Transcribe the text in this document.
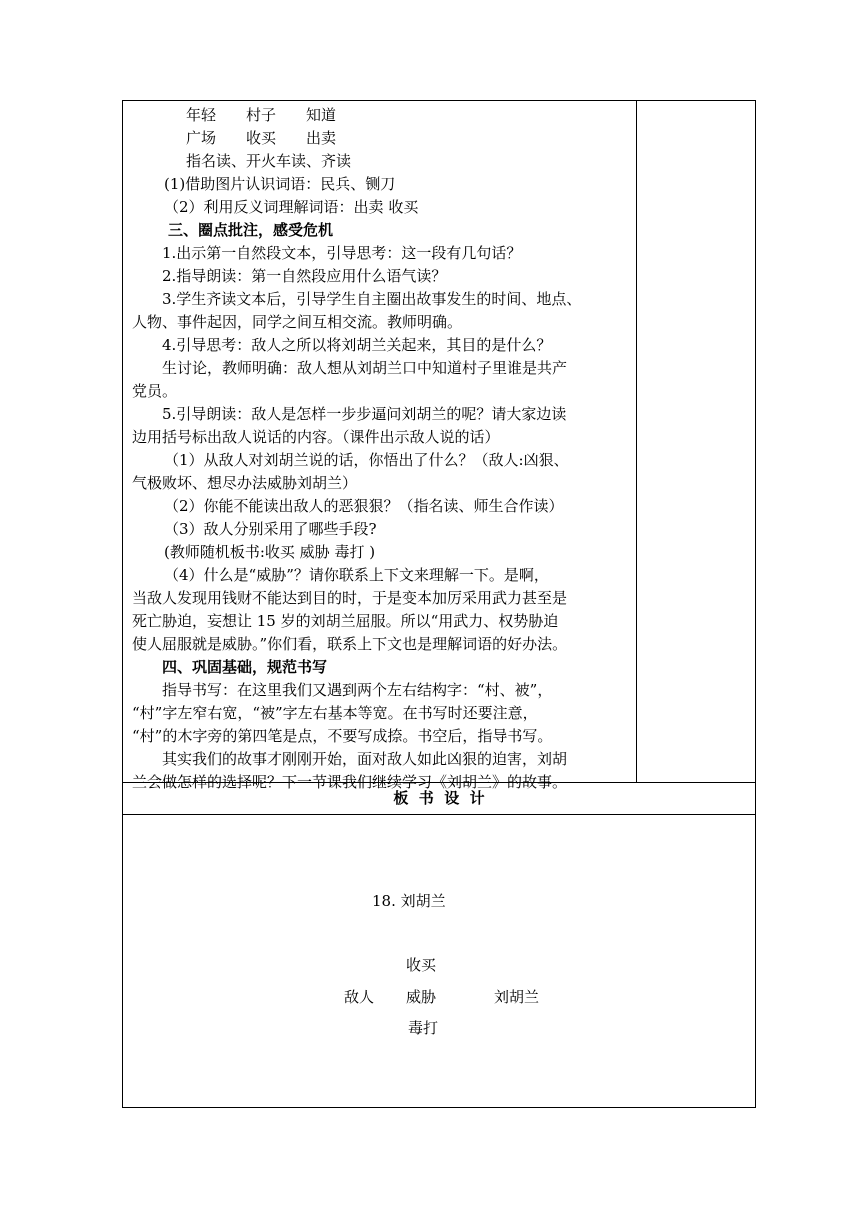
年轻　　村子　　知道

广场　　收买　　出卖

指名读、开火车读、齐读

(1)借助图片认识词语：民兵、铡刀

（2）利用反义词理解词语：出卖 收买

三、圈点批注，感受危机

1.出示第一自然段文本，引导思考：这一段有几句话？

2.指导朗读：第一自然段应用什么语气读？

3.学生齐读文本后，引导学生自主圈出故事发生的时间、地点、

人物、事件起因，同学之间互相交流。教师明确。

4.引导思考：敌人之所以将刘胡兰关起来，其目的是什么？

生讨论，教师明确：敌人想从刘胡兰口中知道村子里谁是共产

党员。

5.引导朗读：敌人是怎样一步步逼问刘胡兰的呢？请大家边读

边用括号标出敌人说话的内容。（课件出示敌人说的话）

（1）从敌人对刘胡兰说的话，你悟出了什么？（敌人:凶狠、

气极败坏、想尽办法威胁刘胡兰）

（2）你能不能读出敌人的恶狠狠？（指名读、师生合作读）

（3）敌人分别采用了哪些手段?

(教师随机板书:收买 威胁 毒打 )

（4）什么是“威胁”？请你联系上下文来理解一下。是啊，

当敌人发现用钱财不能达到目的时，于是变本加厉采用武力甚至是

死亡胁迫，妄想让 15 岁的刘胡兰屈服。所以“用武力、权势胁迫

使人屈服就是威胁。”你们看，联系上下文也是理解词语的好办法。

四、巩固基础，规范书写

指导书写：在这里我们又遇到两个左右结构字：“村、被”，

“村”字左窄右宽，“被”字左右基本等宽。在书写时还要注意，

“村”的木字旁的第四笔是点，不要写成捺。书空后，指导书写。

其实我们的故事才刚刚开始，面对敌人如此凶狠的迫害，刘胡

兰会做怎样的选择呢？下一节课我们继续学习《刘胡兰》的故事。

板  书  设  计
18. 刘胡兰
收买
敌人 威胁	刘胡兰
毒打
